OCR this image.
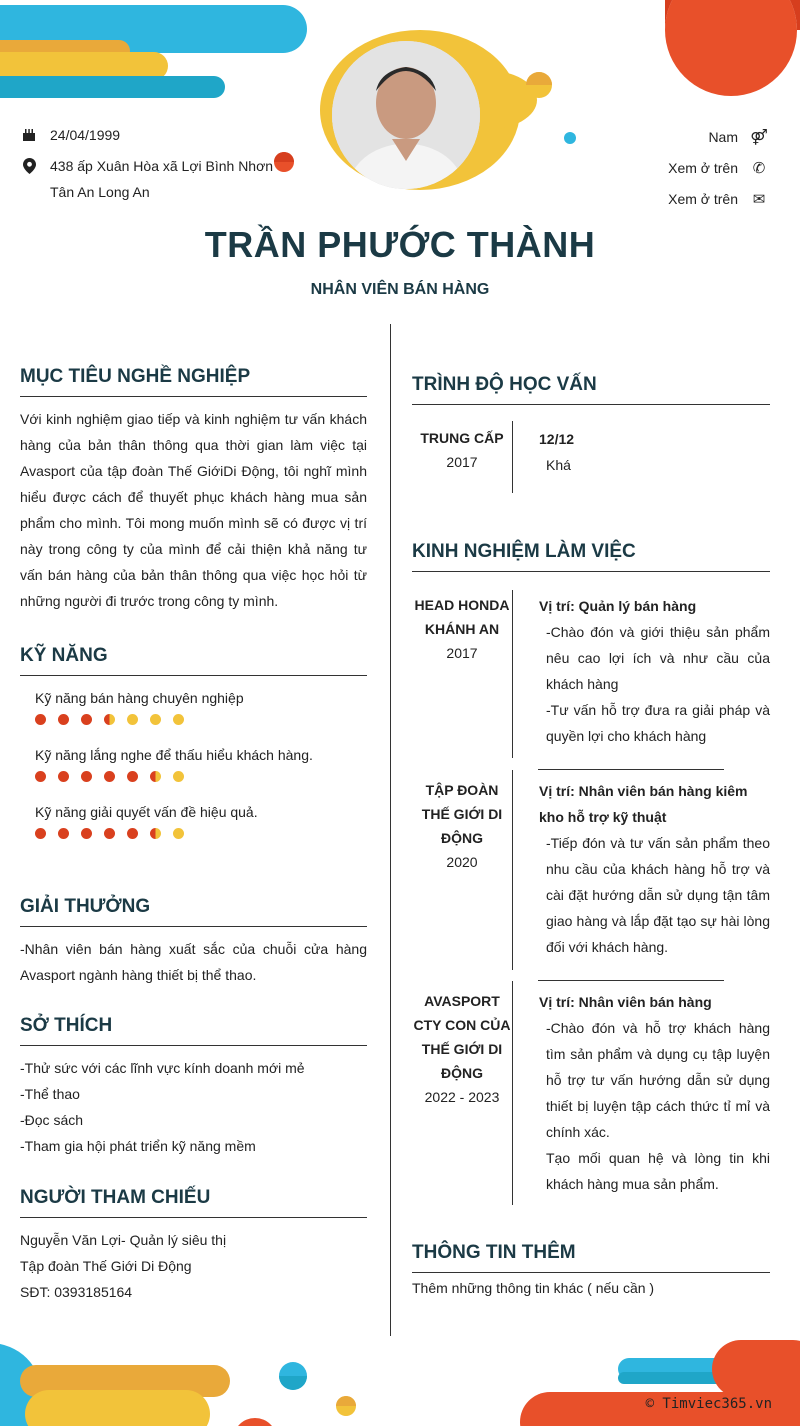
24/04/1999
438 ấp Xuân Hòa xã Lợi Bình Nhơn
Tân An Long An
Nam ⚤
Xem ở trên ✆
Xem ở trên ✉
TRẦN PHƯỚC THÀNH
NHÂN VIÊN BÁN HÀNG
MỤC TIÊU NGHỀ NGHIỆP
Với kinh nghiệm giao tiếp và kinh nghiệm tư vấn khách hàng của bản thân thông qua thời gian làm việc tại Avasport của tập đoàn Thế GiớiDi Động, tôi nghĩ mình hiểu được cách để thuyết phục khách hàng mua sản phẩm cho mình. Tôi mong muốn mình sẽ có được vị trí này trong công ty của mình để cải thiện khả năng tư vấn bán hàng của bản thân thông qua việc học hỏi từ những người đi trước trong công ty mình.
KỸ NĂNG
Kỹ năng bán hàng chuyên nghiệp
Kỹ năng lắng nghe để thấu hiểu khách hàng.
Kỹ năng giải quyết vấn đề hiệu quả.
GIẢI THƯỞNG
-Nhân viên bán hàng xuất sắc của chuỗi cửa hàng Avasport ngành hàng thiết bị thể thao.
SỞ THÍCH
-Thử sức với các lĩnh vực kính doanh mới mẻ
-Thể thao
-Đọc sách
-Tham gia hội phát triển kỹ năng mềm
NGƯỜI THAM CHIẾU
Nguyễn Văn Lợi- Quản lý siêu thị
Tập đoàn Thế Giới Di Động
SĐT: 0393185164
TRÌNH ĐỘ HỌC VẤN
TRUNG CẤP
2017
12/12
Khá
KINH NGHIỆM LÀM VIỆC
HEAD HONDA
KHÁNH AN
2017
Vị trí: Quản lý bán hàng
-Chào đón và giới thiệu sản phẩm nêu cao lợi ích và như cầu của khách hàng
-Tư vấn hỗ trợ đưa ra giải pháp và quyền lợi cho khách hàng
TẬP ĐOÀN
THẾ GIỚI DI
ĐỘNG
2020
Vị trí: Nhân viên bán hàng kiêm kho hỗ trợ kỹ thuật
-Tiếp đón và tư vấn sản phẩm theo nhu cầu của khách hàng hỗ trợ và cài đặt hướng dẫn sử dụng tận tâm giao hàng và lắp đặt tạo sự hài lòng đối với khách hàng.
AVASPORT
CTY CON CỦA
THẾ GIỚI DI
ĐỘNG
2022 - 2023
Vị trí: Nhân viên bán hàng
-Chào đón và hỗ trợ khách hàng tìm sản phẩm và dụng cụ tập luyện hỗ trợ tư vấn hướng dẫn sử dụng thiết bị luyện tập cách thức tỉ mỉ và chính xác.
Tạo mối quan hệ và lòng tin khi khách hàng mua sản phẩm.
THÔNG TIN THÊM
Thêm những thông tin khác ( nếu cần )
© Timviec365.vn
